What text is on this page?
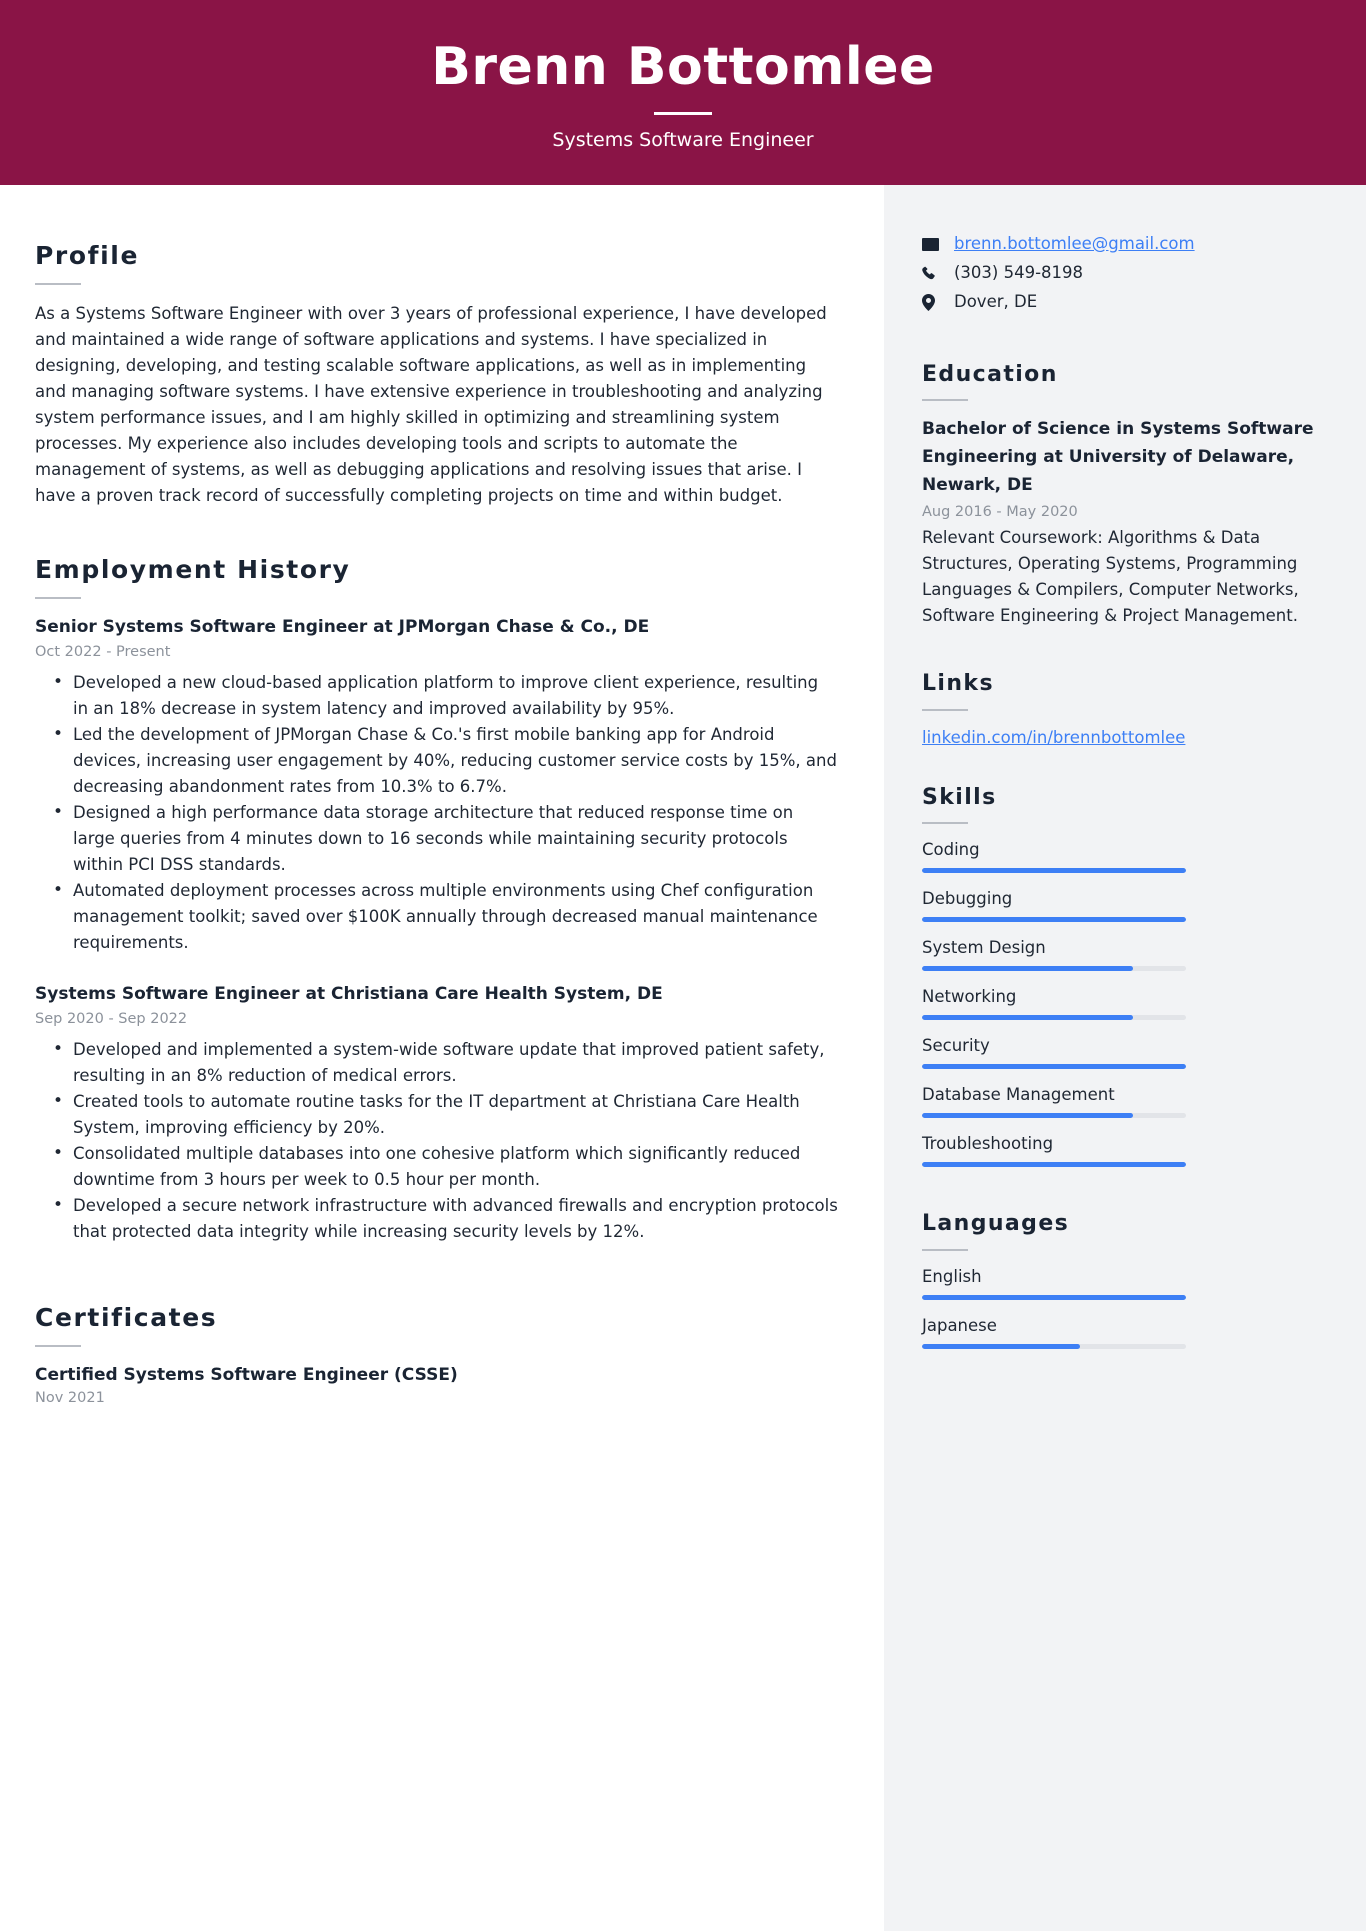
Brenn Bottomlee
Systems Software Engineer
Profile
As a Systems Software Engineer with over 3 years of professional experience, I have developed and maintained a wide range of software applications and systems. I have specialized in designing, developing, and testing scalable software applications, as well as in implementing and managing software systems. I have extensive experience in troubleshooting and analyzing system performance issues, and I am highly skilled in optimizing and streamlining system processes. My experience also includes developing tools and scripts to automate the management of systems, as well as debugging applications and resolving issues that arise. I have a proven track record of successfully completing projects on time and within budget.
Employment History
Senior Systems Software Engineer at JPMorgan Chase & Co., DE
Oct 2022 - Present
• Developed a new cloud-based application platform to improve client experience, resulting in an 18% decrease in system latency and improved availability by 95%.
• Led the development of JPMorgan Chase & Co.'s first mobile banking app for Android devices, increasing user engagement by 40%, reducing customer service costs by 15%, and decreasing abandonment rates from 10.3% to 6.7%.
• Designed a high performance data storage architecture that reduced response time on large queries from 4 minutes down to 16 seconds while maintaining security protocols within PCI DSS standards.
• Automated deployment processes across multiple environments using Chef configuration management toolkit; saved over $100K annually through decreased manual maintenance requirements.
Systems Software Engineer at Christiana Care Health System, DE
Sep 2020 - Sep 2022
• Developed and implemented a system-wide software update that improved patient safety, resulting in an 8% reduction of medical errors.
• Created tools to automate routine tasks for the IT department at Christiana Care Health System, improving efficiency by 20%.
• Consolidated multiple databases into one cohesive platform which significantly reduced downtime from 3 hours per week to 0.5 hour per month.
• Developed a secure network infrastructure with advanced firewalls and encryption protocols that protected data integrity while increasing security levels by 12%.
Certificates
Certified Systems Software Engineer (CSSE)
Nov 2021
brenn.bottomlee@gmail.com
(303) 549-8198
Dover, DE
Education
Bachelor of Science in Systems Software Engineering at University of Delaware, Newark, DE
Aug 2016 - May 2020
Relevant Coursework: Algorithms & Data Structures, Operating Systems, Programming Languages & Compilers, Computer Networks, Software Engineering & Project Management.
Links
linkedin.com/in/brennbottomlee
Skills
Coding
Debugging
System Design
Networking
Security
Database Management
Troubleshooting
Languages
English
Japanese
